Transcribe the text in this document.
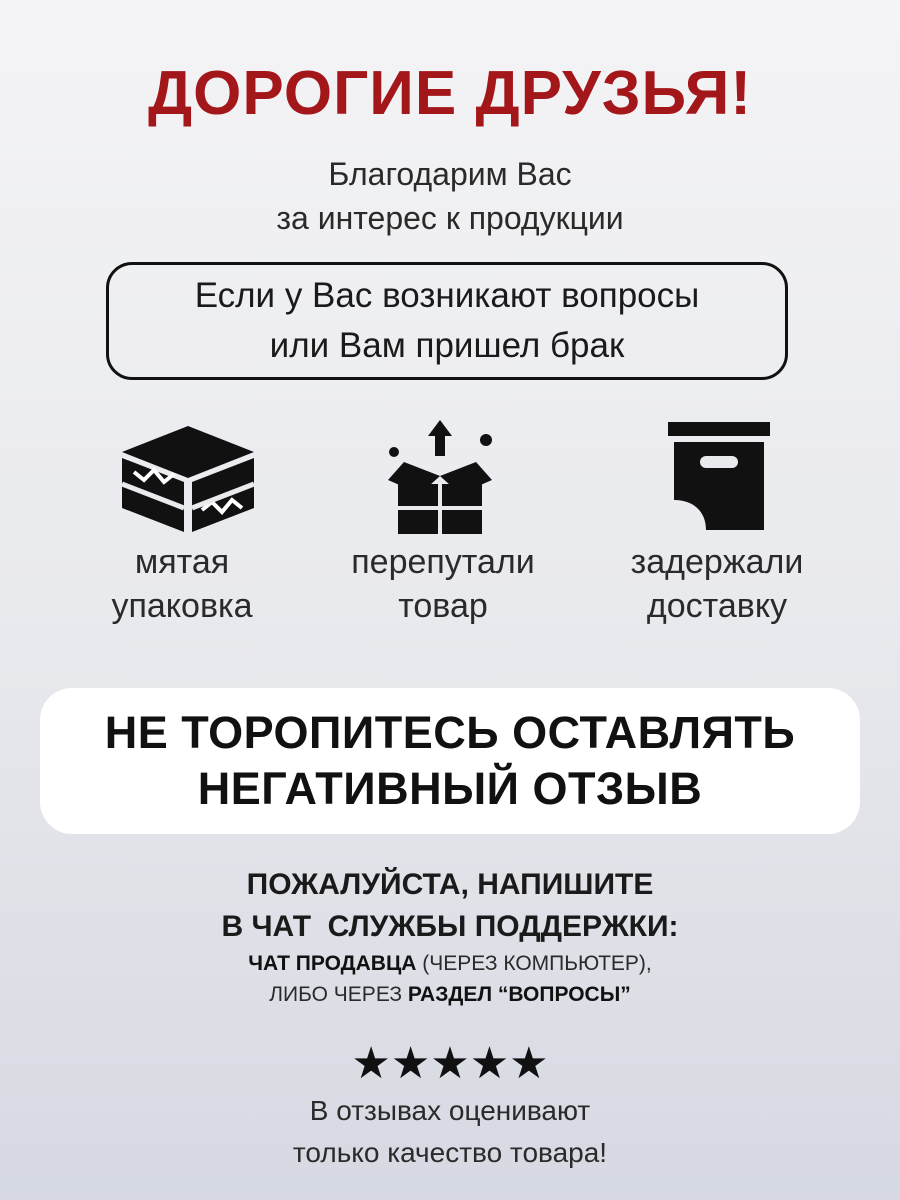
ДОРОГИЕ ДРУЗЬЯ!
Благодарим Вас
за интерес к продукции
Если у Вас возникают вопросы
или Вам пришел брак
мятая
упаковка
перепутали
товар
задержали
доставку
НЕ ТОРОПИТЕСЬ ОСТАВЛЯТЬ
НЕГАТИВНЫЙ ОТЗЫВ
ПОЖАЛУЙСТА, НАПИШИТЕ
В ЧАТ  СЛУЖБЫ ПОДДЕРЖКИ:
ЧАТ ПРОДАВЦА (ЧЕРЕЗ КОМПЬЮТЕР),
ЛИБО ЧЕРЕЗ РАЗДЕЛ “ВОПРОСЫ”
★★★★★
В отзывах оценивают
только качество товара!
